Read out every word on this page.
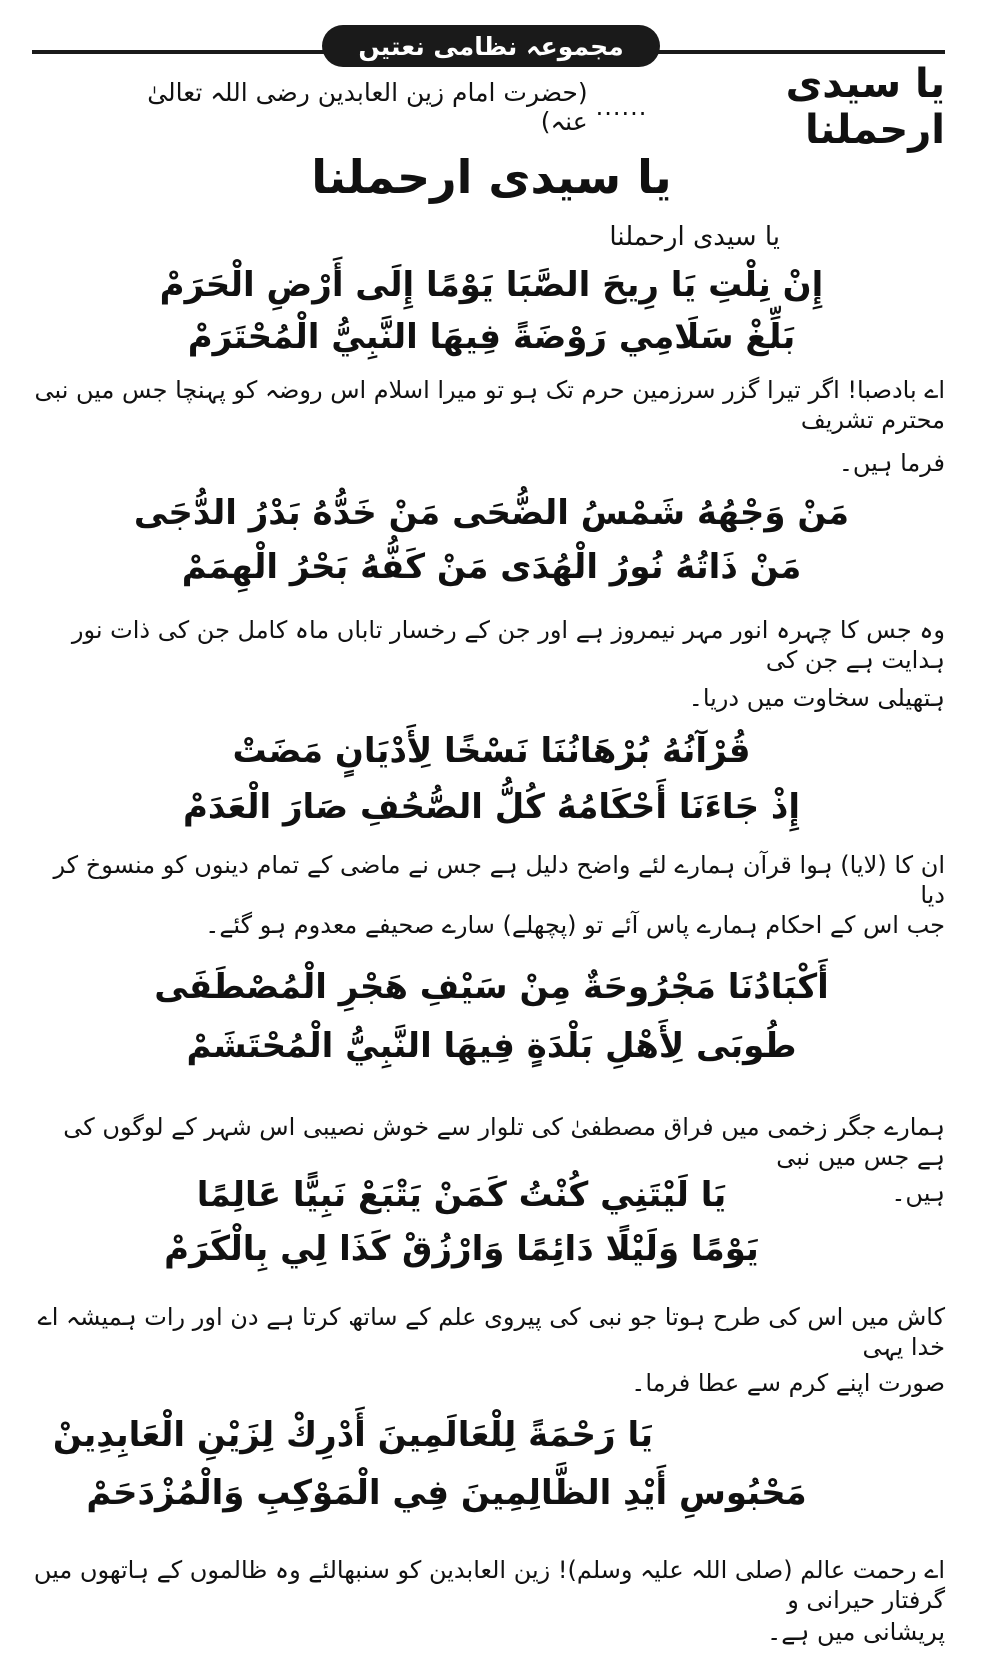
مجموعہ نظامی نعتیں
یا سیدی ارحملنا
......
(حضرت امام زین العابدین رضی اللہ تعالیٰ عنہ)
یا سیدی ارحملنا
یا سیدی ارحملنا
إِنْ نِلْتِ يَا رِيحَ الصَّبَا يَوْمًا إِلَى أَرْضِ الْحَرَمْ
بَلِّغْ سَلَامِي رَوْضَةً فِيهَا النَّبِيُّ الْمُحْتَرَمْ
اے بادصبا! اگر تیرا گزر سرزمین حرم تک ہو تو میرا اسلام اس روضہ کو پہنچا جس میں نبی محترم تشریف
فرما ہیں۔
مَنْ وَجْهُهُ شَمْسُ الضُّحَى مَنْ خَدُّهُ بَدْرُ الدُّجَى
مَنْ ذَاتُهُ نُورُ الْهُدَى مَنْ كَفُّهُ بَحْرُ الْهِمَمْ
وہ جس کا چہرہ انور مہر نیمروز ہے اور جن کے رخسار تاباں ماہ کامل جن کی ذات نور ہدایت ہے جن کی
ہتھیلی سخاوت میں دریا۔
قُرْآنُهُ بُرْهَانُنَا نَسْخًا لِأَدْيَانٍ مَضَتْ
إِذْ جَاءَنَا أَحْكَامُهُ كُلُّ الصُّحُفِ صَارَ الْعَدَمْ
ان کا (لایا) ہوا قرآن ہمارے لئے واضح دلیل ہے جس نے ماضی کے تمام دینوں کو منسوخ کر دیا
جب اس کے احکام ہمارے پاس آئے تو (پچھلے) سارے صحیفے معدوم ہو گئے۔
أَكْبَادُنَا مَجْرُوحَةٌ مِنْ سَيْفِ هَجْرِ الْمُصْطَفَى
طُوبَى لِأَهْلِ بَلْدَةٍ فِيهَا النَّبِيُّ الْمُحْتَشَمْ
ہمارے جگر زخمی میں فراق مصطفیٰ کی تلوار سے خوش نصیبی اس شہر کے لوگوں کی ہے جس میں نبی
ہیں۔
يَا لَيْتَنِي كُنْتُ كَمَنْ يَتْبَعْ نَبِيًّا عَالِمًا
يَوْمًا وَلَيْلًا دَائِمًا وَارْزُقْ كَذَا لِي بِالْكَرَمْ
کاش میں اس کی طرح ہوتا جو نبی کی پیروی علم کے ساتھ کرتا ہے دن اور رات ہمیشہ اے خدا یہی
صورت اپنے کرم سے عطا فرما۔
يَا رَحْمَةً لِلْعَالَمِينَ أَدْرِكْ لِزَيْنِ الْعَابِدِينْ
مَحْبُوسِ أَيْدِ الظَّالِمِينَ فِي الْمَوْكِبِ وَالْمُزْدَحَمْ
اے رحمت عالم (صلی اللہ علیہ وسلم)! زین العابدین کو سنبھالئے وہ ظالموں کے ہاتھوں میں گرفتار حیرانی و
پریشانی میں ہے۔
